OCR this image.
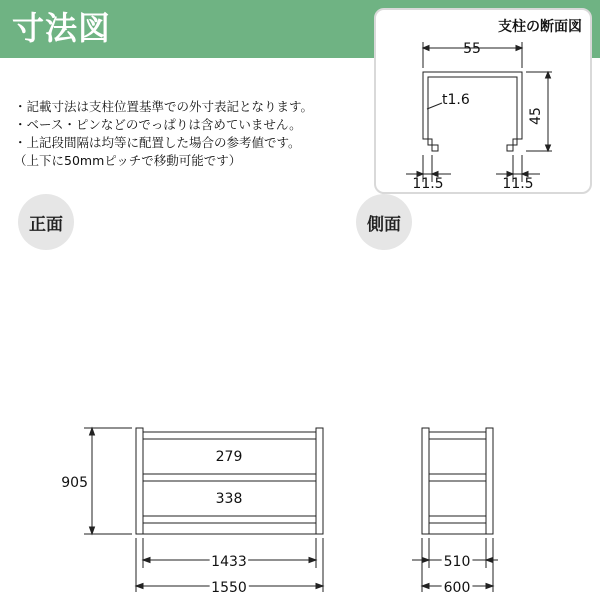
寸法図	支柱の断面図
55
45
t1.6
11.5	11.5
・記載寸法は支柱位置基準での外寸表記となります。
・ベース・ピンなどのでっぱりは含めていません。
・上記段間隔は均等に配置した場合の参考値です。
（上下に50mmピッチで移動可能です）
正面	側面
905
279
338
1433
1550
510
600
